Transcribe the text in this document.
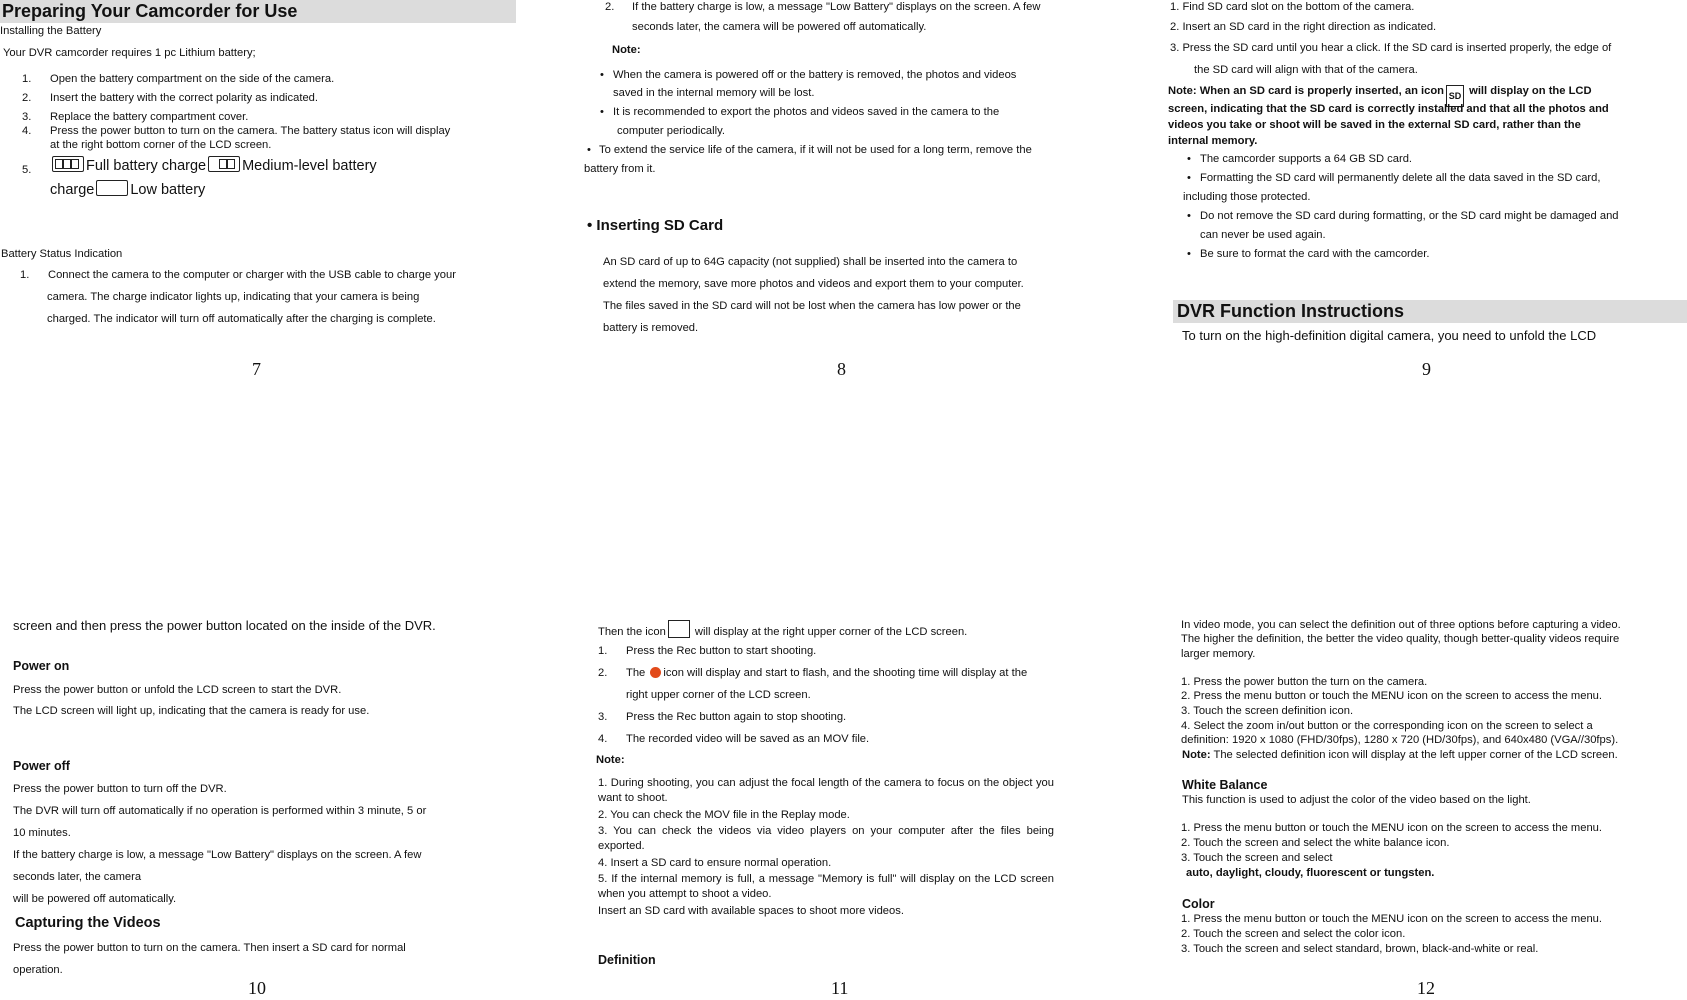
Preparing Your Camcorder for Use
Installing the Battery
Your DVR camcorder requires 1 pc Lithium battery;
1. Open the battery compartment on the side of the camera.
2. Insert the battery with the correct polarity as indicated.
3. Replace the battery compartment cover.
4. Press the power button to turn on the camera. The battery status icon will display
at the right bottom corner of the LCD screen.
5.	Full battery charge Medium-level battery
charge Low battery
Battery Status Indication
1. Connect the camera to the computer or charger with the USB cable to charge your
camera. The charge indicator lights up, indicating that your camera is being
charged. The indicator will turn off automatically after the charging is complete.
7
2. If the battery charge is low, a message "Low Battery" displays on the screen. A few
seconds later, the camera will be powered off automatically.
Note:
• When the camera is powered off or the battery is removed, the photos and videos
saved in the internal memory will be lost.
• It is recommended to export the photos and videos saved in the camera to the
computer periodically.
• To extend the service life of the camera, if it will not be used for a long term, remove the
battery from it.
• Inserting SD Card
An SD card of up to 64G capacity (not supplied) shall be inserted into the camera to
extend the memory, save more photos and videos and export them to your computer.
The files saved in the SD card will not be lost when the camera has low power or the
battery is removed.
8
1. Find SD card slot on the bottom of the camera.
2. Insert an SD card in the right direction as indicated.
3. Press the SD card until you hear a click. If the SD card is inserted properly, the edge of
the SD card will align with that of the camera.
Note: When an SD card is properly inserted, an icon SD will display on the LCD
screen, indicating that the SD card is correctly installed and that all the photos and
videos you take or shoot will be saved in the external SD card, rather than the
internal memory.
• The camcorder supports a 64 GB SD card.
• Formatting the SD card will permanently delete all the data saved in the SD card,
including those protected.
• Do not remove the SD card during formatting, or the SD card might be damaged and
can never be used again.
• Be sure to format the card with the camcorder.
DVR Function Instructions
To turn on the high-definition digital camera, you need to unfold the LCD
9
screen and then press the power button located on the inside of the DVR.
Power on
Press the power button or unfold the LCD screen to start the DVR.
The LCD screen will light up, indicating that the camera is ready for use.
Power off
Press the power button to turn off the DVR.
The DVR will turn off automatically if no operation is performed within 3 minute, 5 or
10 minutes.
If the battery charge is low, a message "Low Battery" displays on the screen. A few
seconds later, the camera
will be powered off automatically.
Capturing the Videos
Press the power button to turn on the camera. Then insert a SD card for normal
operation.
10
Then the icon	will display at the right upper corner of the LCD screen.
1. Press the Rec button to start shooting.
2. The icon will display and start to flash, and the shooting time will display at the
right upper corner of the LCD screen.
3. Press the Rec button again to stop shooting.
4. The recorded video will be saved as an MOV file.
Note:
1. During shooting, you can adjust the focal length of the camera to focus on the object you want to shoot.
2. You can check the MOV file in the Replay mode.
3. You can check the videos via video players on your computer after the files being exported.
4. Insert a SD card to ensure normal operation.
5. If the internal memory is full, a message "Memory is full" will display on the LCD screen when you attempt to shoot a video.
Insert an SD card with available spaces to shoot more videos.
Definition
11
In video mode, you can select the definition out of three options before capturing a video.
The higher the definition, the better the video quality, though better-quality videos require
larger memory.
1. Press the power button the turn on the camera.
2. Press the menu button or touch the MENU icon on the screen to access the menu.
3. Touch the screen definition icon.
4. Select the zoom in/out button or the corresponding icon on the screen to select a
definition: 1920 x 1080 (FHD/30fps), 1280 x 720 (HD/30fps), and 640x480 (VGA//30fps).
Note: The selected definition icon will display at the left upper corner of the LCD screen.
White Balance
This function is used to adjust the color of the video based on the light.
1. Press the menu button or touch the MENU icon on the screen to access the menu.
2. Touch the screen and select the white balance icon.
3. Touch the screen and select
auto, daylight, cloudy, fluorescent or tungsten.
Color
1. Press the menu button or touch the MENU icon on the screen to access the menu.
2. Touch the screen and select the color icon.
3. Touch the screen and select standard, brown, black-and-white or real.
12
